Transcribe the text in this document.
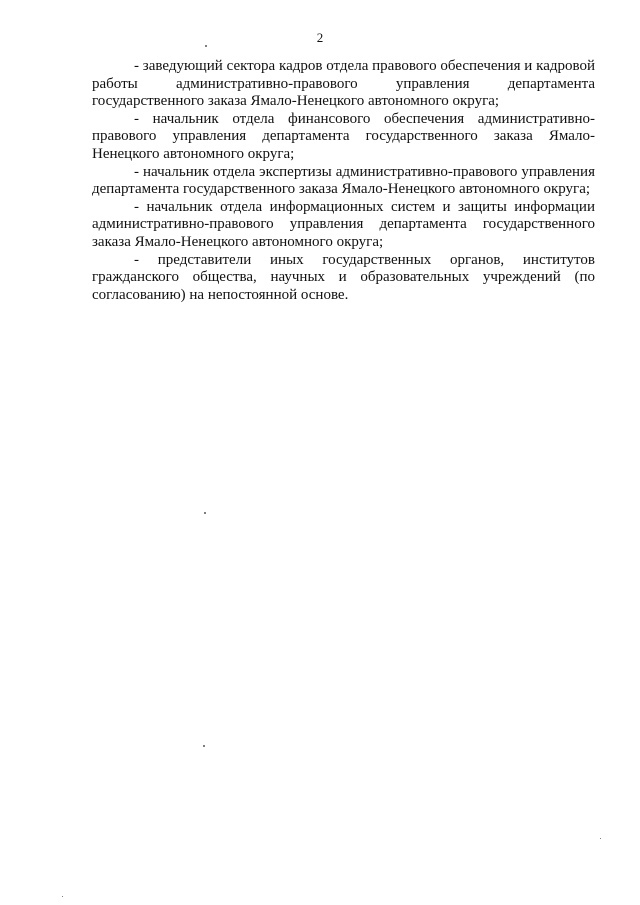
2

- заведующий сектора кадров отдела правового обеспечения и кадровой работы административно-правового управления департамента государственного заказа Ямало-Ненецкого автономного округа;

- начальник отдела финансового обеспечения административно-правового управления департамента государственного заказа Ямало-Ненецкого автономного округа;

- начальник отдела экспертизы административно-правового управления департамента государственного заказа Ямало-Ненецкого автономного округа;

- начальник отдела информационных систем и защиты информации административно-правового управления департамента государственного заказа Ямало-Ненецкого автономного округа;

- представители иных государственных органов, институтов гражданского общества, научных и образовательных учреждений (по согласованию) на непостоянной основе.
